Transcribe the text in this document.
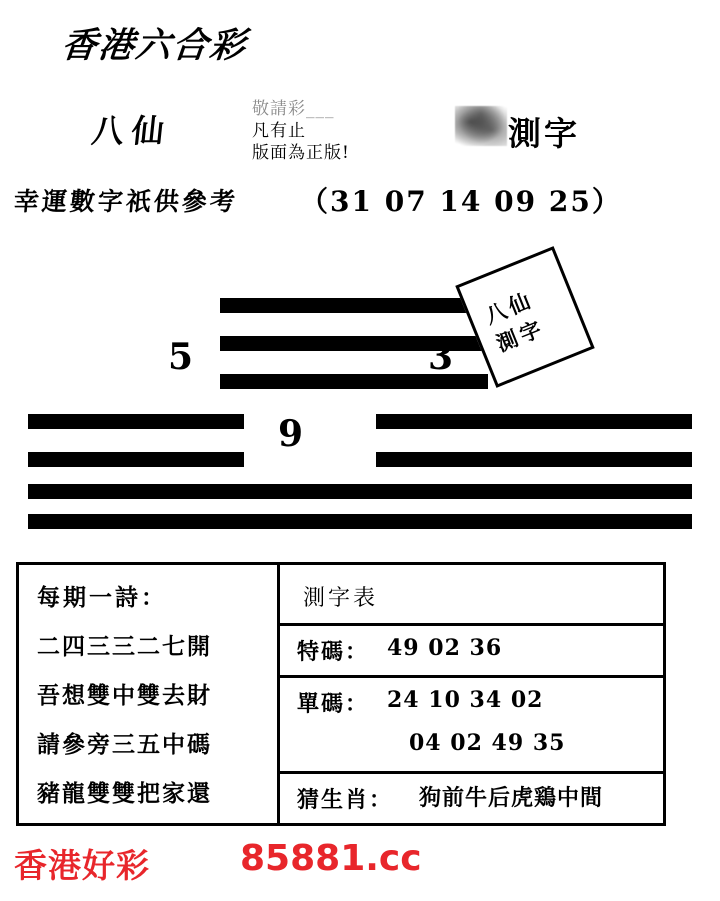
香港六合彩
八仙
敬請彩___
凡有止
版面為正版!	測字
幸運數字祇供參考 （31 07 14 09 25）
5	3
9
八仙
測字
每期一詩：
二四三三二七開
吾想雙中雙去財
請參旁三五中碼
豬龍雙雙把家還
測字表
特碼： 49 02 36
單碼： 24 10 34 02
04 02 49 35
猜生肖： 狗前牛后虎鶏中間
香港好彩	85881.cc
